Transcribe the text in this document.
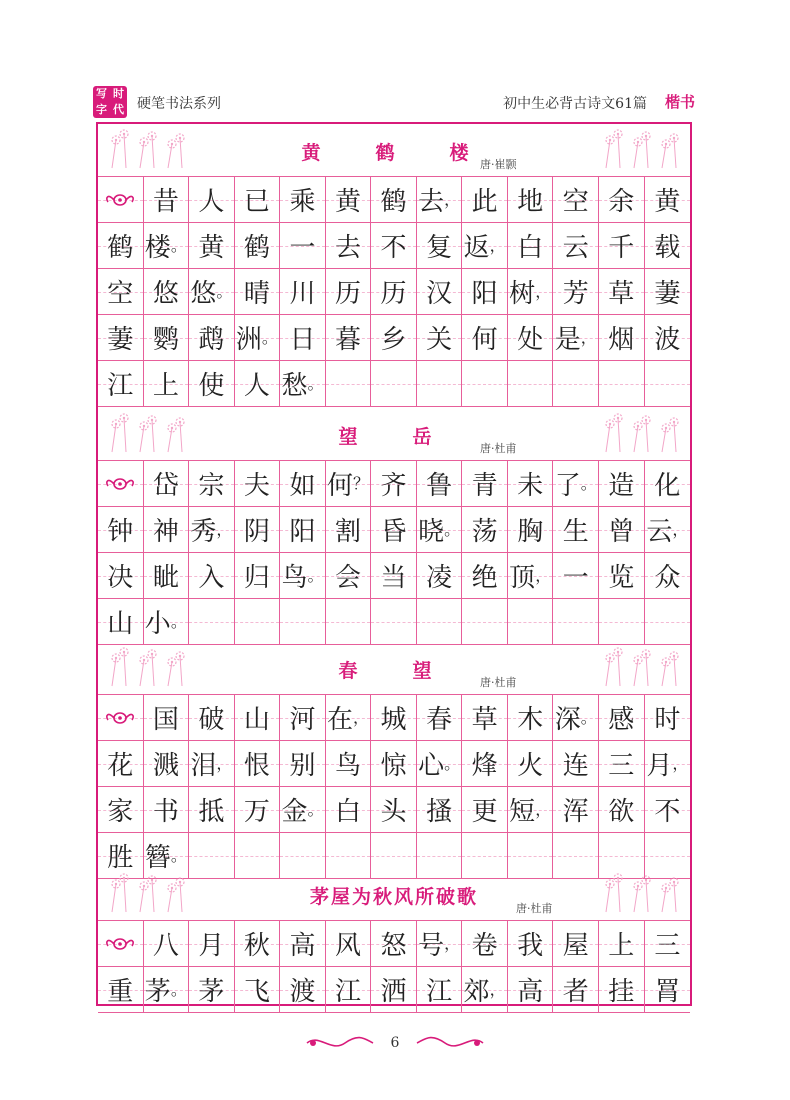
写 时
字 代 硬笔书法系列	初中生必背古诗文61篇 楷书
黄　鹤　楼
唐·崔颢
昔 人 已 乘 黄 鹤 去 ， 此 地 空 余 黄
鹤 楼 。 黄 鹤 一 去 不 复 返 ， 白 云 千 载
空 悠 悠 。 晴 川 历 历 汉 阳 树 ， 芳 草 萋
萋 鹦 鹉 洲 。 日 暮 乡 关 何 处 是 ， 烟 波
江 上 使 人 愁 。
望　岳
唐·杜甫
岱 宗 夫 如 何 ？ 齐 鲁 青 未 了 。 造 化
钟 神 秀 ， 阴 阳 割 昏 晓 。 荡 胸 生 曾 云 ，
决 眦 入 归 鸟 。 会 当 凌 绝 顶 ， 一 览 众
山 小 。
春　望
唐·杜甫
国 破 山 河 在 ， 城 春 草 木 深 。 感 时
花 溅 泪 ， 恨 别 鸟 惊 心 。 烽 火 连 三 月 ，
家 书 抵 万 金 。 白 头 搔 更 短 ， 浑 欲 不
胜 簪 。
茅屋为秋风所破歌
唐·杜甫
八 月 秋 高 风 怒 号 ， 卷 我 屋 上 三
重 茅 。 茅 飞 渡 江 洒 江 郊 ， 高 者 挂 罥
6
